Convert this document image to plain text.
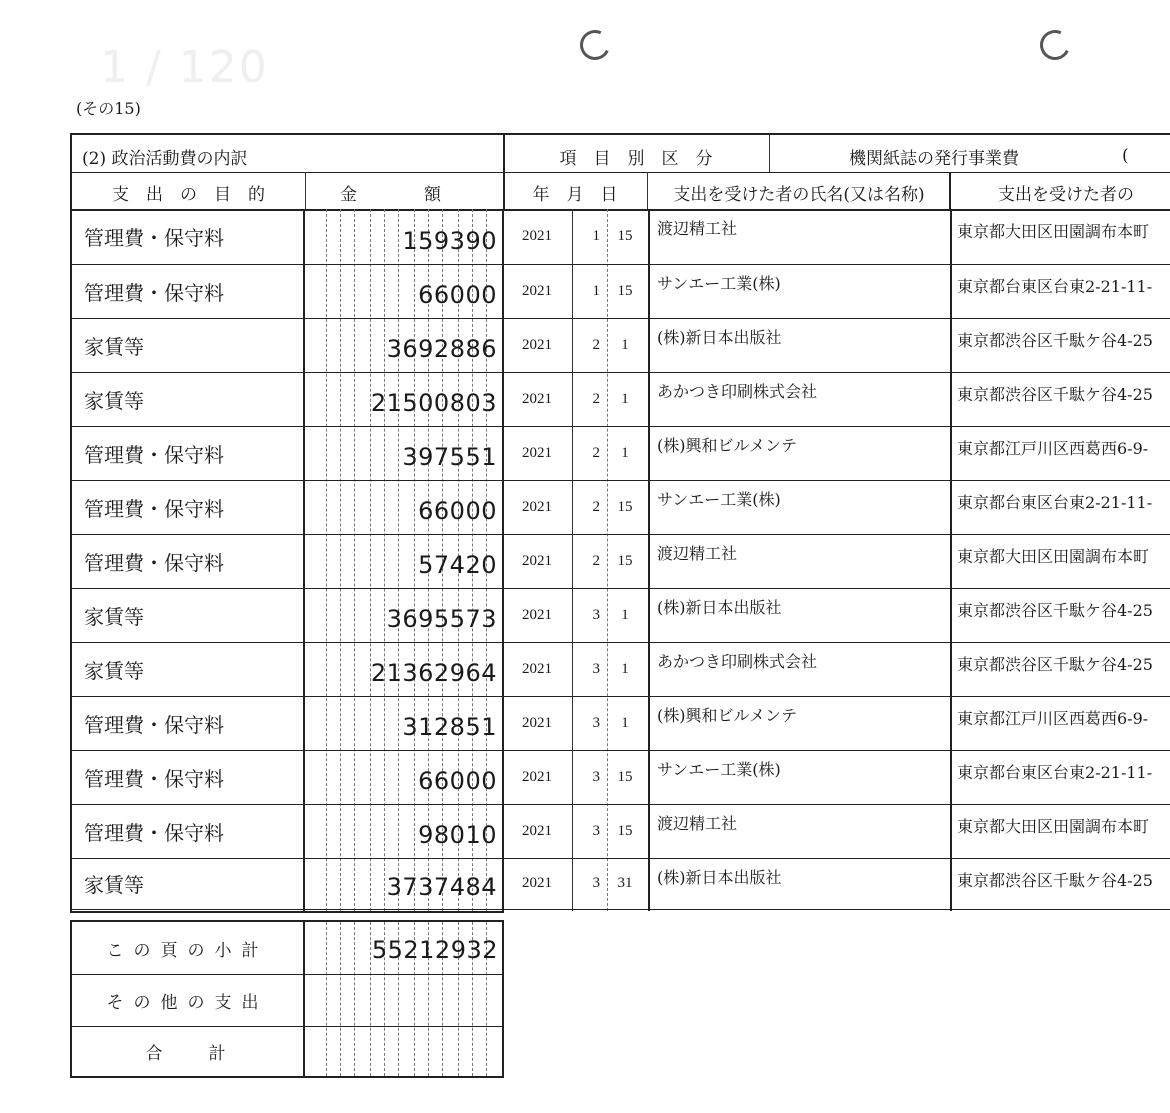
1 / 120
(その15)
(2) 政治活動費の内訳	項　目　別　区　分	機関紙誌の発行事業費	(
支　出　の　目　的	金	額	年　月　日	支出を受けた者の氏名(又は名称)	支出を受けた者の
管理費・保守料	159390	2021	1	15	渡辺精工社	東京都大田区田園調布本町
管理費・保守料	66000	2021	1	15	サンエー工業(株)	東京都台東区台東2-21-11-
家賃等	3692886	2021	2	1	(株)新日本出版社	東京都渋谷区千駄ケ谷4-25
家賃等	21500803	2021	2	1	あかつき印刷株式会社	東京都渋谷区千駄ケ谷4-25
管理費・保守料	397551	2021	2	1	(株)興和ビルメンテ	東京都江戸川区西葛西6-9-
管理費・保守料	66000	2021	2	15	サンエー工業(株)	東京都台東区台東2-21-11-
管理費・保守料	57420	2021	2	15	渡辺精工社	東京都大田区田園調布本町
家賃等	3695573	2021	3	1	(株)新日本出版社	東京都渋谷区千駄ケ谷4-25
家賃等	21362964	2021	3	1	あかつき印刷株式会社	東京都渋谷区千駄ケ谷4-25
管理費・保守料	312851	2021	3	1	(株)興和ビルメンテ	東京都江戸川区西葛西6-9-
管理費・保守料	66000	2021	3	15	サンエー工業(株)	東京都台東区台東2-21-11-
管理費・保守料	98010	2021	3	15	渡辺精工社	東京都大田区田園調布本町
家賃等	3737484	2021	3	31	(株)新日本出版社	東京都渋谷区千駄ケ谷4-25
この頁の小計	55212932
その他の支出
合　　計
